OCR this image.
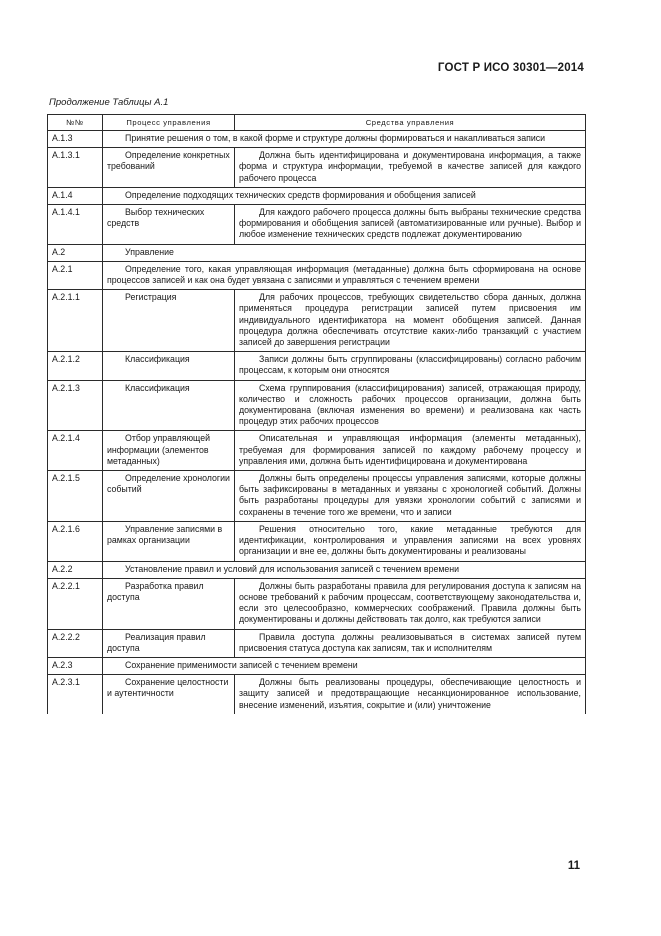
ГОСТ Р ИСО 30301—2014
Продолжение Таблицы А.1
№№	Процесс управления	Средства управления
А.1.3	Принятие решения о том, в какой форме и структуре должны формироваться и накапливаться записи	
А.1.3.1	Определение конкретных требований	Должна быть идентифицирована и документирована информация, а также форма и структура информации, требуемой в качестве записей для каждого рабочего процесса
А.1.4	Определение подходящих технических средств формирования и обобщения записей	
А.1.4.1	Выбор технических средств	Для каждого рабочего процесса должны быть выбраны технические средства формирования и обобщения записей (автоматизированные или ручные). Выбор и любое изменение технических средств подлежат документированию
А.2	Управление	
А.2.1	Определение того, какая управляющая информация (метаданные) должна быть сформирована на основе процессов записей и как она будет увязана с записями и управляться с течением времени	
А.2.1.1	Регистрация	Для рабочих процессов, требующих свидетельство сбора данных, должна применяться процедура регистрации записей путем присвоения им индивидуального идентификатора на момент обобщения записей. Данная процедура должна обеспечивать отсутствие каких-либо транзакций с участием записей до завершения регистрации
А.2.1.2	Классификация	Записи должны быть сгруппированы (классифицированы) согласно рабочим процессам, к которым они относятся
А.2.1.3	Классификация	Схема группирования (классифицирования) записей, отражающая природу, количество и сложность рабочих процессов организации, должна быть документирована (включая изменения во времени) и реализована как часть процедур этих рабочих процессов
А.2.1.4	Отбор управляющей информации (элементов метаданных)	Описательная и управляющая информация (элементы метаданных), требуемая для формирования записей по каждому рабочему процессу и управления ими, должна быть идентифицирована и документирована
А.2.1.5	Определение хронологии событий	Должны быть определены процессы управления записями, которые должны быть зафиксированы в метаданных и увязаны с хронологией событий. Должны быть разработаны процедуры для увязки хронологии событий с записями и сохранены в течение того же времени, что и записи
А.2.1.6	Управление записями в рамках организации	Решения относительно того, какие метаданные требуются для идентификации, контролирования и управления записями на всех уровнях организации и вне ее, должны быть документированы и реализованы
А.2.2	Установление правил и условий для использования записей с течением времени	
А.2.2.1	Разработка правил доступа	Должны быть разработаны правила для регулирования доступа к записям на основе требований к рабочим процессам, соответствующему законодательства и, если это целесообразно, коммерческих соображений. Правила должны быть документированы и должны действовать так долго, как требуются записи
А.2.2.2	Реализация правил доступа	Правила доступа должны реализовываться в системах записей путем присвоения статуса доступа как записям, так и исполнителям
А.2.3	Сохранение применимости записей с течением времени	
А.2.3.1	Сохранение целостности и аутентичности	Должны быть реализованы процедуры, обеспечивающие целостность и защиту записей и предотвращающие несанкционированное использование, внесение изменений, изъятия, сокрытие и (или) уничтожение
11
